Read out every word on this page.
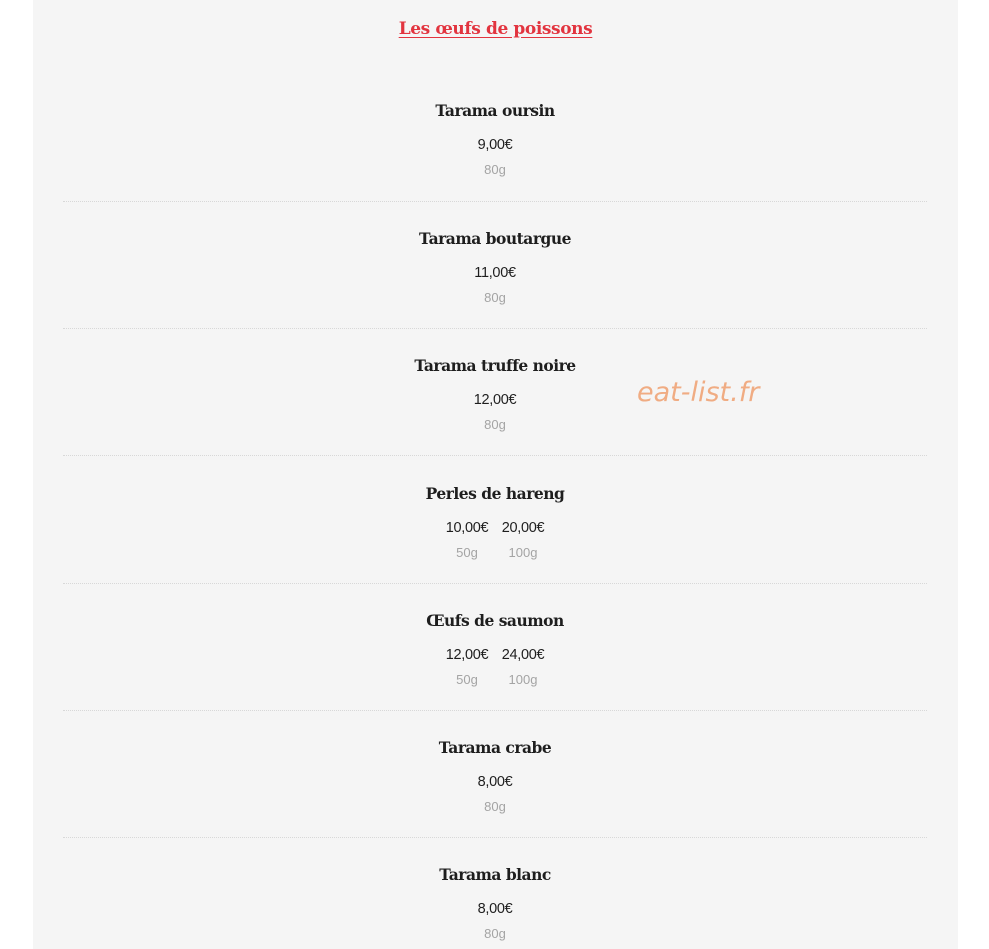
Les œufs de poissons
Tarama oursin
9,00€
80g
Tarama boutargue
11,00€
80g
Tarama truffe noire
12,00€
80g
Perles de hareng
10,00€
50g
20,00€
100g
Œufs de saumon
12,00€
50g
24,00€
100g
Tarama crabe
8,00€
80g
Tarama blanc
8,00€
80g
eat-list.fr
